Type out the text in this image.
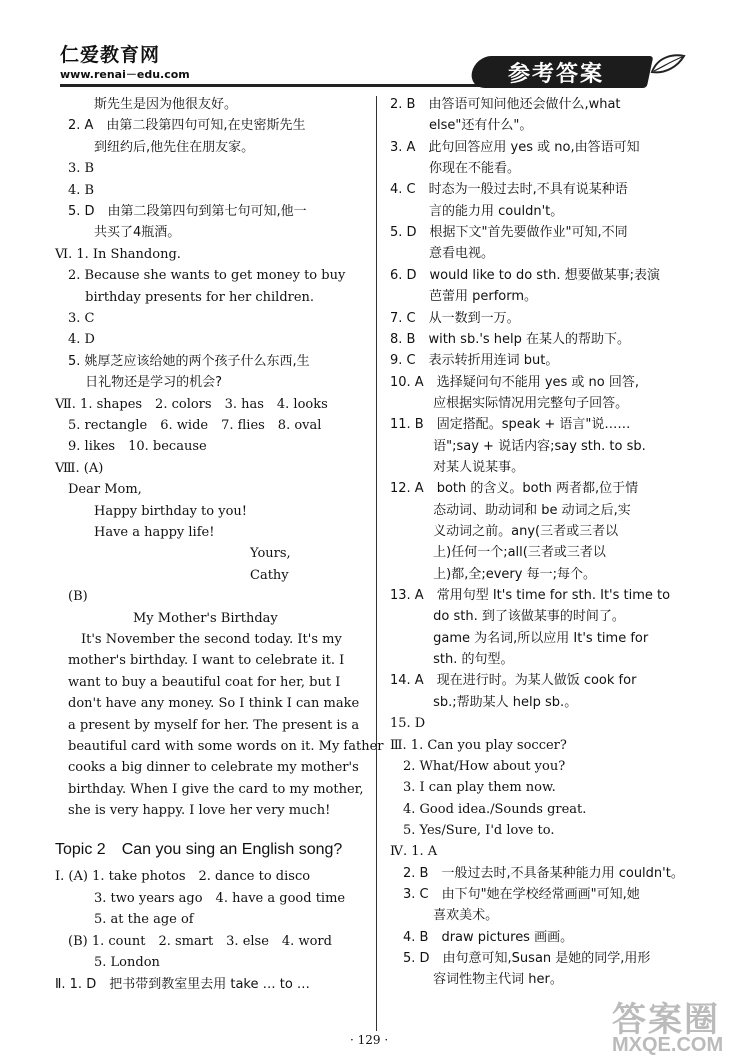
仁爱教育网
www.renai－edu.com	参考答案
　　　斯先生是因为他很友好。
　2. A　由第二段第四句可知,在史密斯先生
　　　到纽约后,他先住在朋友家。
　3. B
　4. B
　5. D　由第二段第四句到第七句可知,他一
　　　共买了4瓶酒。
Ⅵ. 1. In Shandong.
　2. Because she wants to get money to buy
　　 birthday presents for her children.
　3. C
　4. D
　5. 姚厚芝应该给她的两个孩子什么东西,生
　　 日礼物还是学习的机会?
Ⅶ. 1. shapes　2. colors　3. has　4. looks
　5. rectangle　6. wide　7. flies　8. oval
　9. likes　10. because
Ⅷ. (A)
　Dear Mom,
　　　Happy birthday to you!
　　　Have a happy life!
　　　　　　　　　　　　　　　Yours,
　　　　　　　　　　　　　　　Cathy
　(B)
　　　　　　My Mother's Birthday
　　It's November the second today. It's my
　mother's birthday. I want to celebrate it. I
　want to buy a beautiful coat for her, but I
　don't have any money. So I think I can make
　a present by myself for her. The present is a
　beautiful card with some words on it. My father
　cooks a big dinner to celebrate my mother's
　birthday. When I give the card to my mother,
　she is very happy. I love her very much!
Topic 2　Can you sing an English song?
Ⅰ. (A) 1. take photos　2. dance to disco
　　　3. two years ago　4. have a good time
　　　5. at the age of
　(B) 1. count　2. smart　3. else　4. word
　　　5. London
Ⅱ. 1. D　把书带到教室里去用 take … to …
2. B　由答语可知问他还会做什么,what
　　　else"还有什么"。
3. A　此句回答应用 yes 或 no,由答语可知
　　　你现在不能看。
4. C　时态为一般过去时,不具有说某种语
　　　言的能力用 couldn't。
5. D　根据下文"首先要做作业"可知,不同
　　　意看电视。
6. D　would like to do sth. 想要做某事;表演
　　　芭蕾用 perform。
7. C　从一数到一万。
8. B　with sb.'s help 在某人的帮助下。
9. C　表示转折用连词 but。
10. A　选择疑问句不能用 yes 或 no 回答,
　　　 应根据实际情况用完整句子回答。
11. B　固定搭配。speak + 语言"说……
　　　 语";say + 说话内容;say sth. to sb.
　　　 对某人说某事。
12. A　both 的含义。both 两者都,位于情
　　　 态动词、助动词和 be 动词之后,实
　　　 义动词之前。any(三者或三者以
　　　 上)任何一个;all(三者或三者以
　　　 上)都,全;every 每一;每个。
13. A　常用句型 It's time for sth. It's time to
　　　 do sth. 到了该做某事的时间了。
　　　 game 为名词,所以应用 It's time for
　　　 sth. 的句型。
14. A　现在进行时。为某人做饭 cook for
　　　 sb.;帮助某人 help sb.。
15. D
Ⅲ. 1. Can you play soccer?
　2. What/How about you?
　3. I can play them now.
　4. Good idea./Sounds great.
　5. Yes/Sure, I'd love to.
Ⅳ. 1. A
　2. B　一般过去时,不具备某种能力用 couldn't。
　3. C　由下句"她在学校经常画画"可知,她
　　　 喜欢美术。
　4. B　draw pictures 画画。
　5. D　由句意可知,Susan 是她的同学,用形
　　　 容词性物主代词 her。
· 129 ·	答案圈
MXQE.COM
